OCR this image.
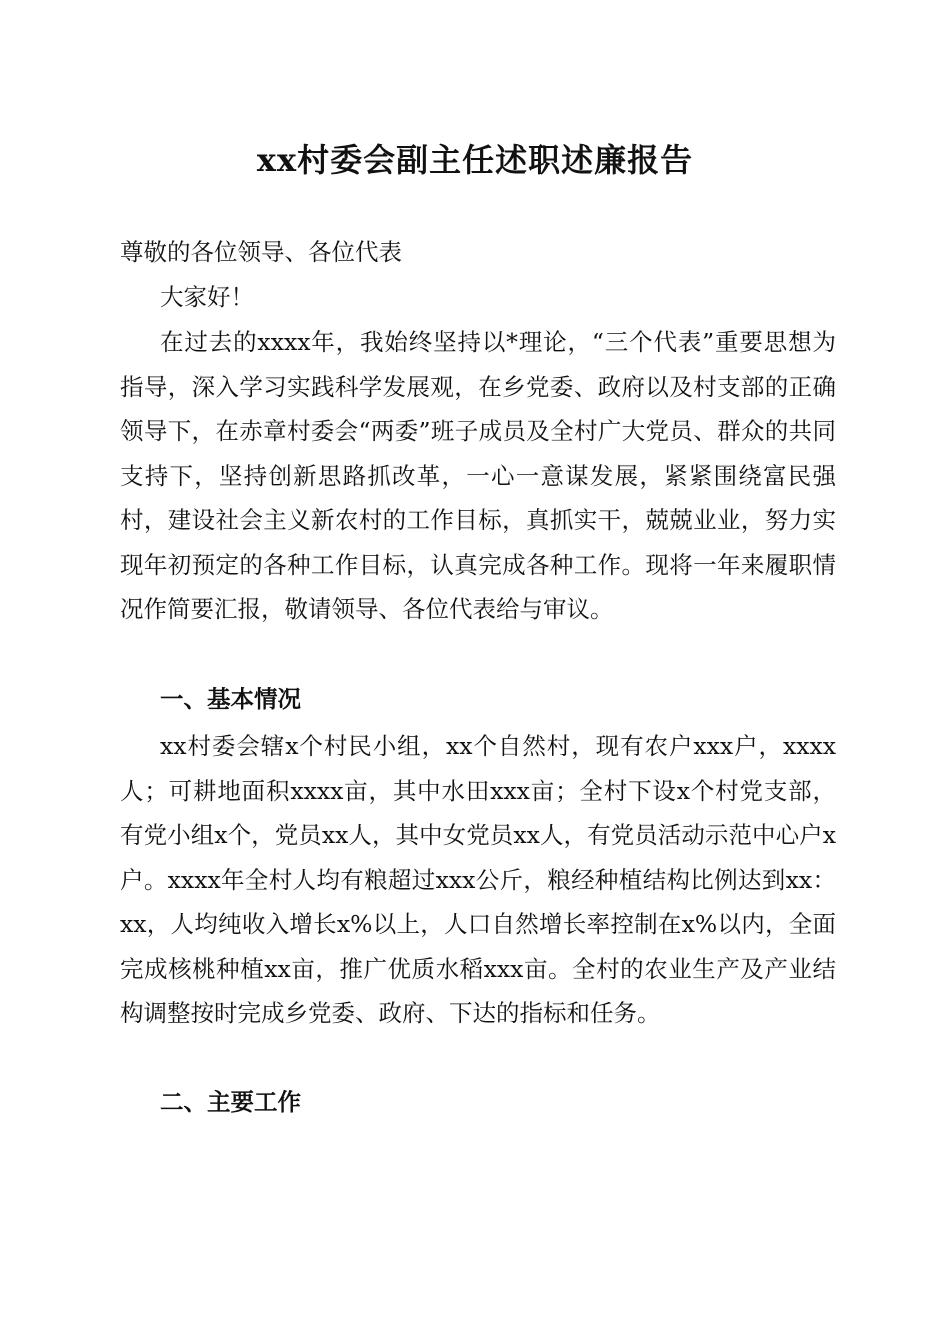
xx村委会副主任述职述廉报告

尊敬的各位领导、各位代表

大家好！

在过去的xxxx年，我始终坚持以*理论，“三个代表”重要思想为指导，深入学习实践科学发展观，在乡党委、政府以及村支部的正确领导下，在赤章村委会“两委”班子成员及全村广大党员、群众的共同支持下，坚持创新思路抓改革，一心一意谋发展，紧紧围绕富民强村，建设社会主义新农村的工作目标，真抓实干，兢兢业业，努力实现年初预定的各种工作目标，认真完成各种工作。现将一年来履职情况作简要汇报，敬请领导、各位代表给与审议。

一、基本情况

xx村委会辖x个村民小组，xx个自然村，现有农户xxx户，xxxx人；可耕地面积xxxx亩，其中水田xxx亩；全村下设x个村党支部，有党小组x个，党员xx人，其中女党员xx人，有党员活动示范中心户x户。xxxx年全村人均有粮超过xxx公斤，粮经种植结构比例达到xx：xx，人均纯收入增长x%以上，人口自然增长率控制在x%以内，全面完成核桃种植xx亩，推广优质水稻xxx亩。全村的农业生产及产业结构调整按时完成乡党委、政府、下达的指标和任务。

二、主要工作
